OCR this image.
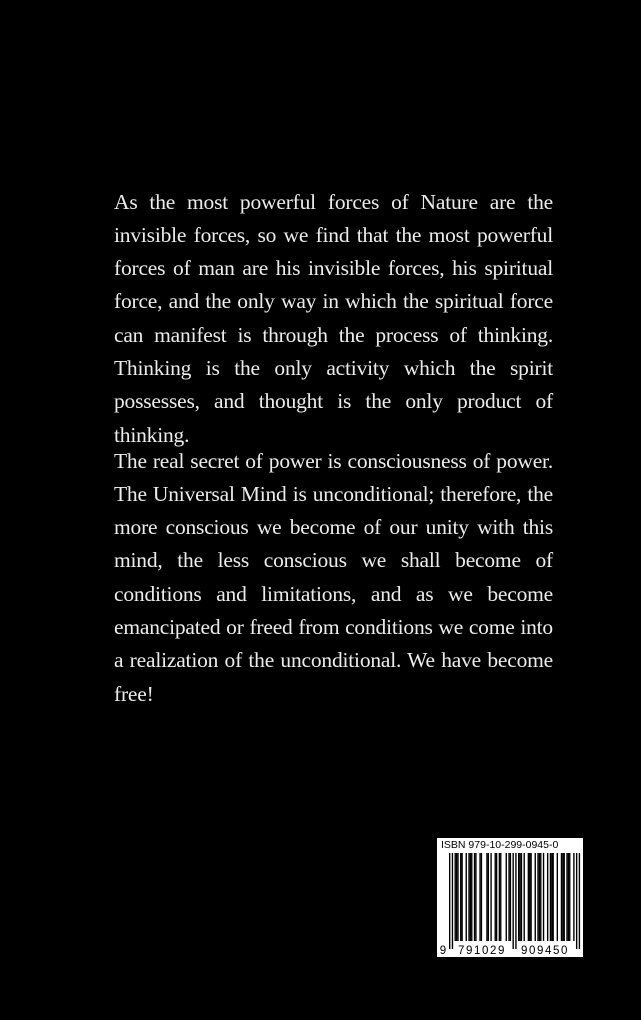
As the most powerful forces of Nature are the invisible forces, so we find that the most powerful forces of man are his invisible forces, his spiritual force, and the only way in which the spiritual force can manifest is through the process of thinking. Thinking is the only activity which the spirit possesses, and thought is the only product of thinking.

The real secret of power is consciousness of power. The Universal Mind is unconditional; therefore, the more conscious we become of our unity with this mind, the less conscious we shall become of conditions and limitations, and as we become emancipated or freed from conditions we come into a realization of the unconditional. We have become free!

ISBN 979-10-299-0945-0
9 791029 909450
